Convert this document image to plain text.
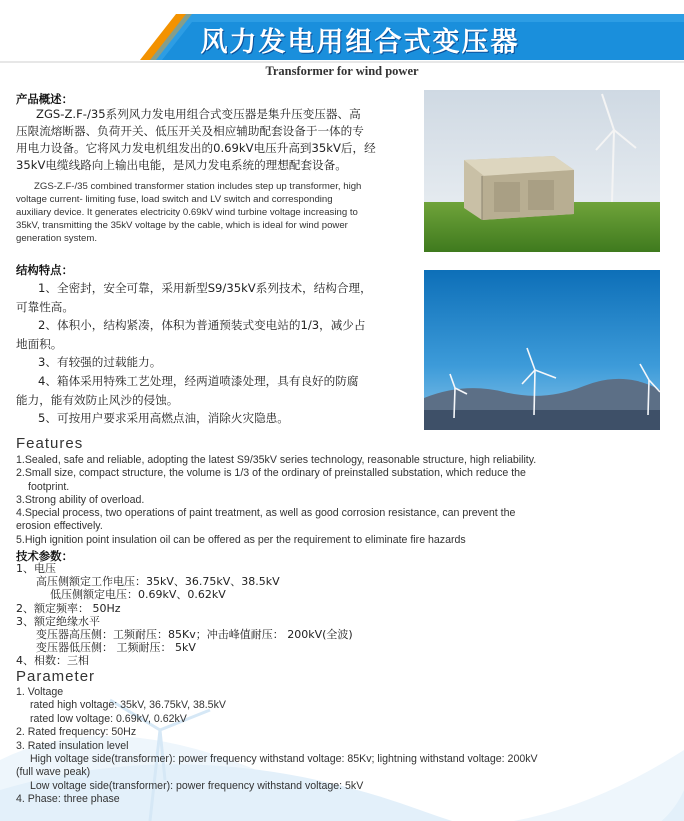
风力发电用组合式变压器
Transformer for wind power
产品概述：
ZGS-Z.F-/35系列风力发电用组合式变压器是集升压变压器、高
压限流熔断器、负荷开关、低压开关及相应辅助配套设备于一体的专
用电力设备。它将风力发电机组发出的0.69kV电压升高到35kV后，经
35kV电缆线路向上输出电能，是风力发电系统的理想配套设备。
ZGS-Z.F-/35 combined transformer station includes step up transformer, high
voltage current- limiting fuse, load switch and LV switch and corresponding
auxiliary device. It generates electricity 0.69kV wind turbine voltage increasing to
35kV, transmitting the 35kV voltage by the cable, which is ideal for wind power
generation system.
结构特点：
1、全密封，安全可靠，采用新型S9/35kV系列技术，结构合理，
可靠性高。
2、体积小，结构紧凑，体积为普通预装式变电站的1/3，减少占
地面积。
3、有较强的过载能力。
4、箱体采用特殊工艺处理，经两道喷漆处理，具有良好的防腐
能力，能有效防止风沙的侵蚀。
5、可按用户要求采用高燃点油，消除火灾隐患。
Features
1.Sealed, safe and reliable, adopting the latest S9/35kV series technology, reasonable structure, high reliability.
2.Small size, compact structure, the volume is 1/3 of the ordinary of preinstalled substation, which reduce the
footprint.
3.Strong ability of overload.
4.Special process, two operations of paint treatment, as well as good corrosion resistance, can prevent the
erosion effectively.
5.High ignition point insulation oil can be offered as per the requirement to eliminate fire hazards
技术参数：
1、电压
高压侧额定工作电压：35kV、36.75kV、38.5kV
低压侧额定电压：0.69kV、0.62kV
2、额定频率： 50Hz
3、额定绝缘水平
变压器高压侧：工频耐压：85Kv；冲击峰值耐压： 200kV(全波)
变压器低压侧： 工频耐压： 5kV
4、相数：三相
Parameter
1. Voltage
rated high voltage: 35kV, 36.75kV, 38.5kV
rated low voltage: 0.69kV, 0.62kV
2. Rated frequency: 50Hz
3. Rated insulation level
High voltage side(transformer): power frequency withstand voltage: 85Kv; lightning withstand voltage: 200kV
(full wave peak)
Low voltage side(transformer): power frequency withstand voltage: 5kV
4. Phase: three phase
